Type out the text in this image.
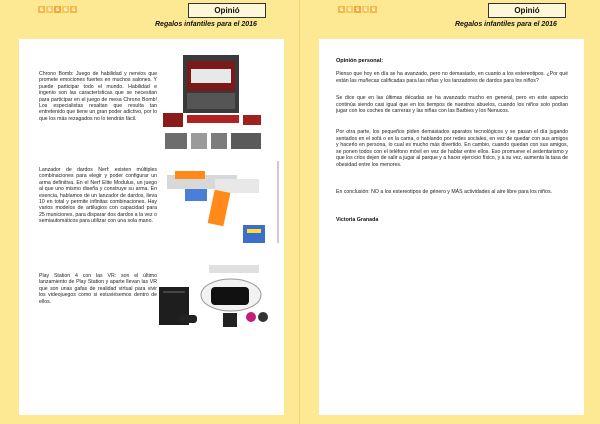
s s s s s	Opinió
Regalos infantiles para el 2016
Chrono Bomb: Juego de habilidad y nervios que promete emociones fuertes en muchos salones. Y puede participar todo el mundo. Habilidad e ingenio son las características que se necesitan para participar en el juego de mesa Chrono Bomb! Los especialistas resaltan que resulta tan entretenido que tiene un gran poder adictivo, por lo que los más rezagados no lo tendrán fácil.
Lanzador de dardos Nerf: existen múltiples combinaciones para elegir y poder configurar un arma definitiva. En el Nerf Elite Modulus, un juego al que uno mismo diseña y construye su arma. En esencia, hablamos de un lanzador de dardos, lleva 10 en total y permite infinitas combinaciones. Hay varios modelos de artilugios con capacidad para 25 municiones, para disparar dos dardos a la vez o semiautomáticos para utilizar con una sola mano.
Play Station 4 con las VR: son el último lanzamiento de Play Station y aparte llevan las VR que son unas gafas de realidad virtual para vivir los videojuegos como si estuviésemos dentro de ellos.
s s s s s	Opinió
Regalos infantiles para el 2016
Opinión personal:
Pienso que hoy en día se ha avanzado, pero no demasiado, en cuanto a los estereotipos. ¿Por qué están las muñecas calificadas para las niñas y los lanzadores de dardos para los niños?
Se dice que en las últimas décadas se ha avanzado mucho en general, pero en este aspecto continúa siendo casi igual que en los tiempos de nuestros abuelos, cuando los niños solo podían jugar con los coches de carreras y las niñas con las Barbies y los Nenucos.
Por otra parte, los pequeños piden demasiados aparatos tecnológicos y se pasan el día jugando sentados en el sofá o en la cama, o hablando por redes sociales, en vez de quedar con sus amigos y hacerlo en persona, lo cual es mucho más divertido. En cambio, cuando quedan con sus amigos, se ponen todos con el teléfono móvil en vez de hablar entre ellos. Eso promueve el sedentarismo y que los crios dejen de salir a jugar al parque y a hacer ejercicio físico, y a su vez, aumenta la tasa de obesidad entre los menores.
En conclusión: NO a los estereotipos de género y MÁS actividades al aire libre para los niños.
Victoria Granada
